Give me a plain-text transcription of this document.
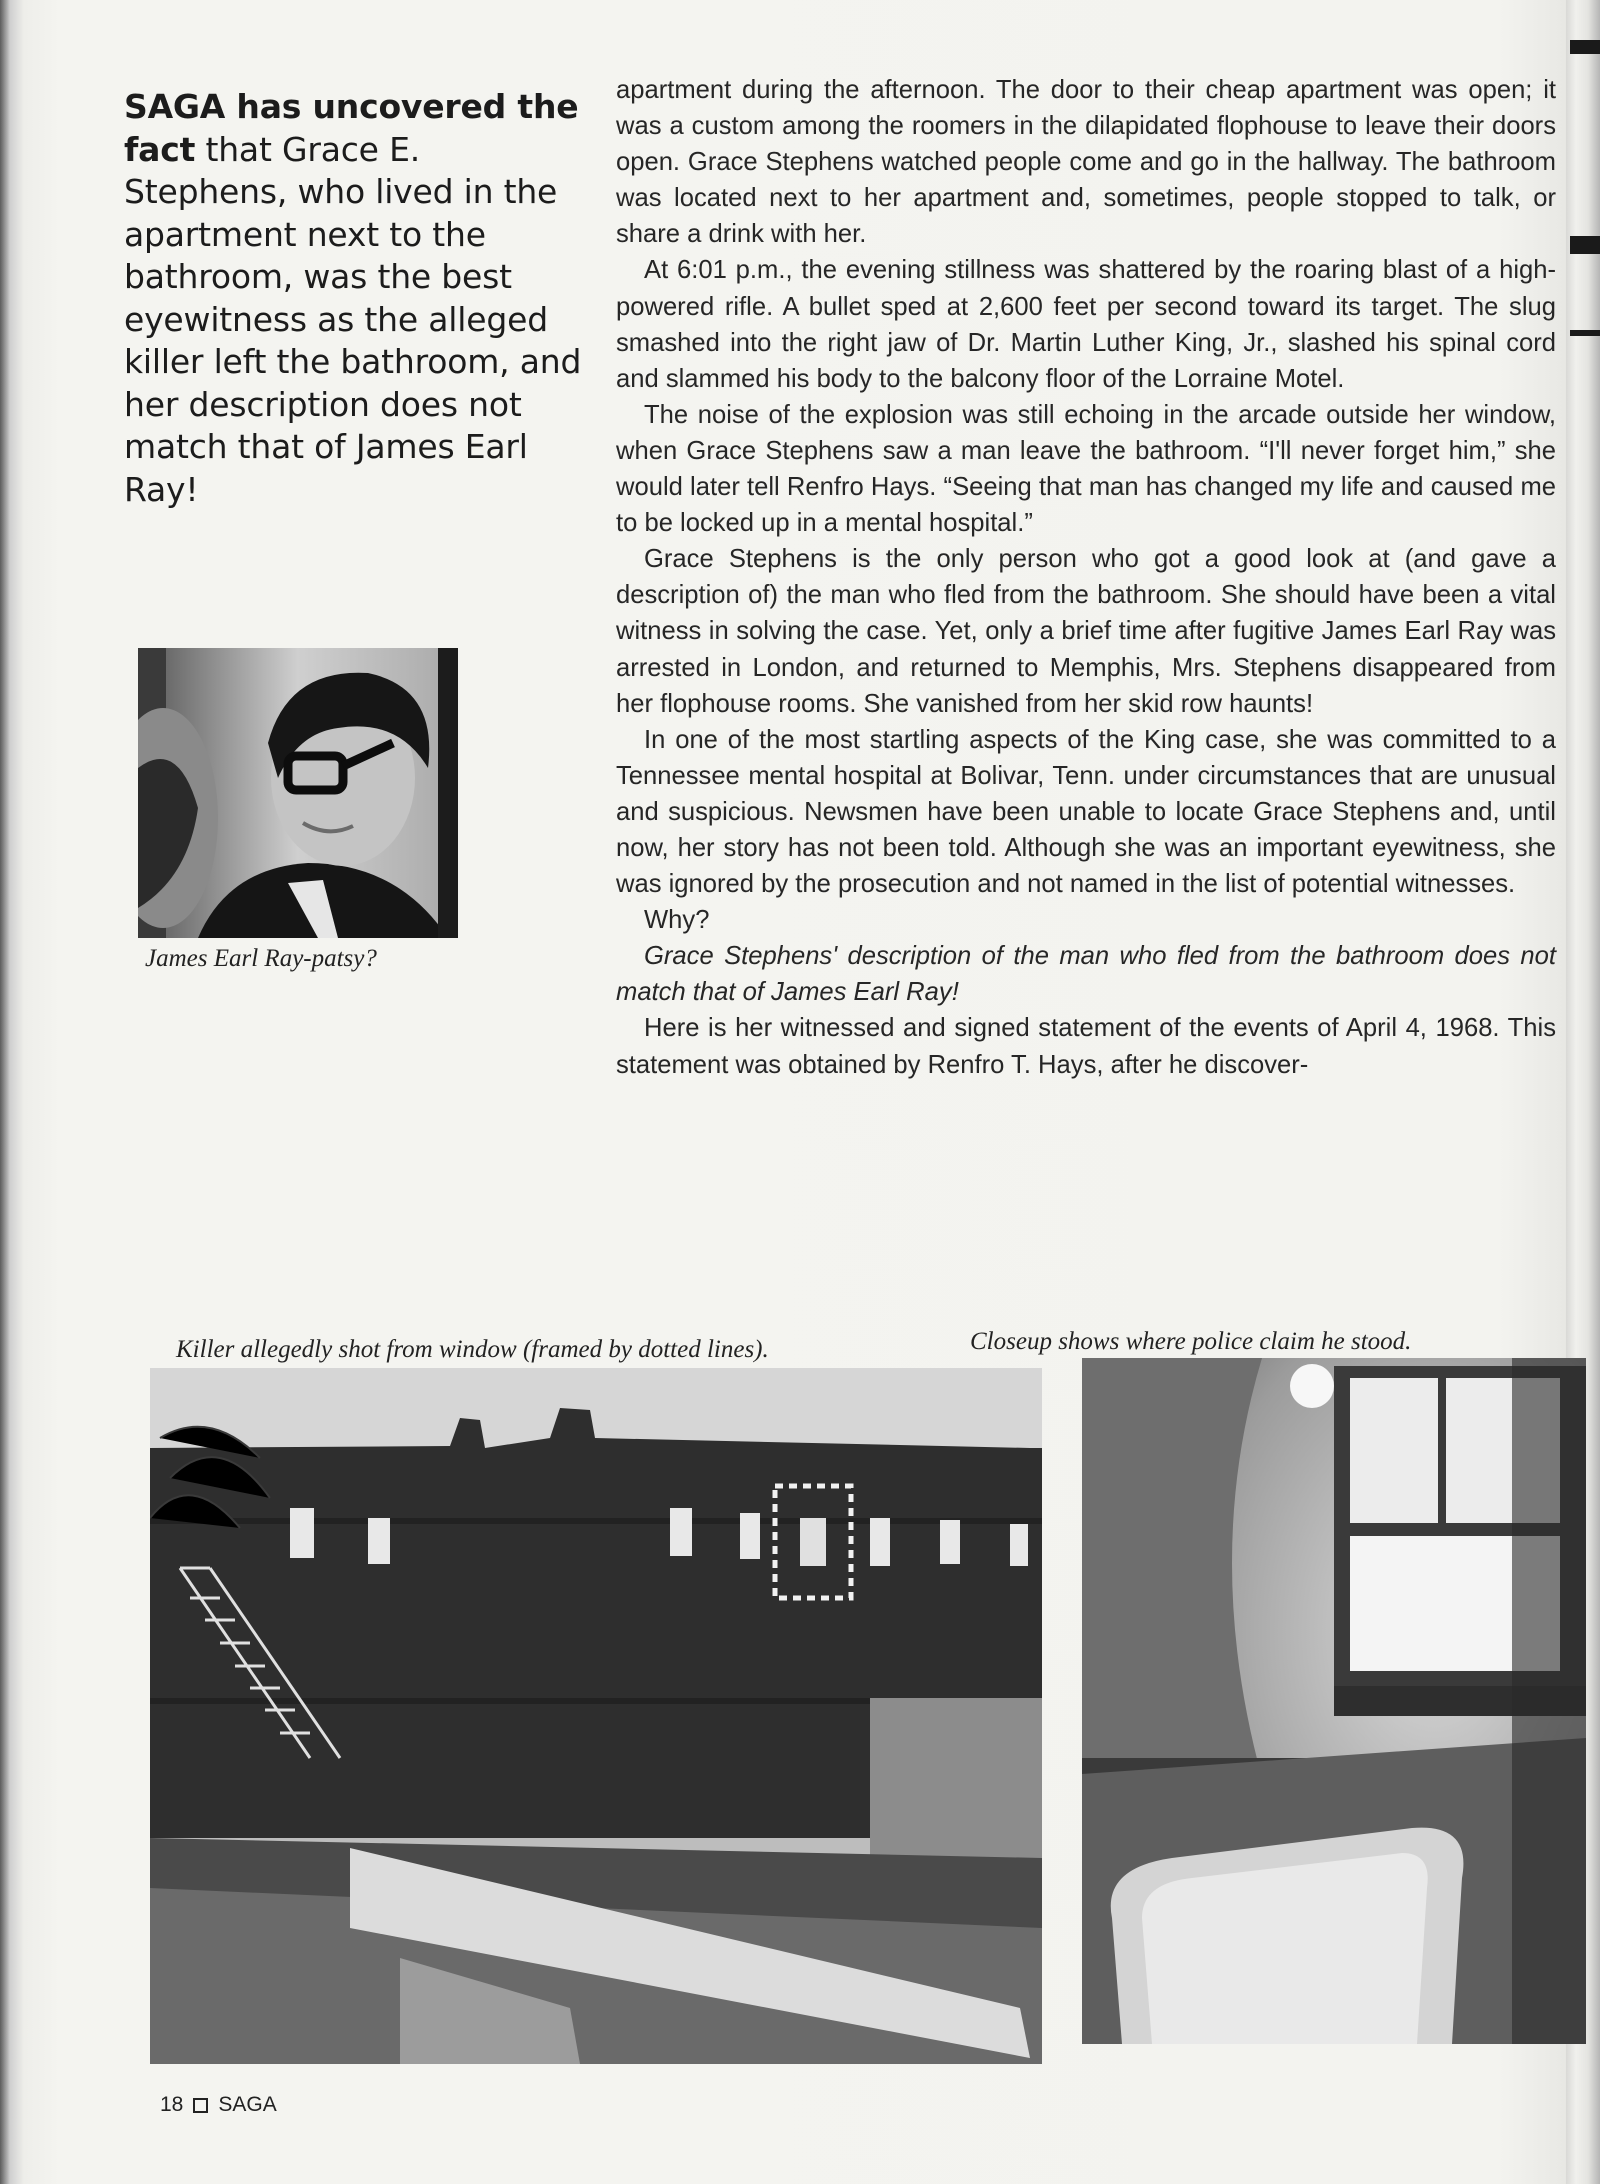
SAGA has uncovered the fact that Grace E. Stephens, who lived in the apartment next to the bathroom, was the best eyewitness as the alleged killer left the bathroom, and her description does not match that of James Earl Ray!

apartment during the afternoon. The door to their cheap apartment was open; it was a custom among the roomers in the dilapidated flophouse to leave their doors open. Grace Stephens watched people come and go in the hallway. The bathroom was located next to her apartment and, sometimes, people stopped to talk, or share a drink with her.

At 6:01 p.m., the evening stillness was shattered by the roaring blast of a high-powered rifle. A bullet sped at 2,600 feet per second toward its target. The slug smashed into the right jaw of Dr. Martin Luther King, Jr., slashed his spinal cord and slammed his body to the balcony floor of the Lorraine Motel.

The noise of the explosion was still echoing in the arcade outside her window, when Grace Stephens saw a man leave the bathroom. “I'll never forget him,” she would later tell Renfro Hays. “Seeing that man has changed my life and caused me to be locked up in a mental hospital.”

Grace Stephens is the only person who got a good look at (and gave a description of) the man who fled from the bathroom. She should have been a vital witness in solving the case. Yet, only a brief time after fugitive James Earl Ray was arrested in London, and returned to Memphis, Mrs. Stephens disappeared from her flophouse rooms. She vanished from her skid row haunts!

In one of the most startling aspects of the King case, she was committed to a Tennessee mental hospital at Bolivar, Tenn. under circumstances that are unusual and suspicious. Newsmen have been unable to locate Grace Stephens and, until now, her story has not been told. Although she was an important eyewitness, she was ignored by the prosecution and not named in the list of potential witnesses.

Why?

Grace Stephens' description of the man who fled from the bathroom does not match that of James Earl Ray!

Here is her witnessed and signed statement of the events of April 4, 1968. This statement was obtained by Renfro T. Hays, after he discover-

James Earl Ray-patsy?
Killer allegedly shot from window (framed by dotted lines).	Closeup shows where police claim he stood.
18 SAGA
